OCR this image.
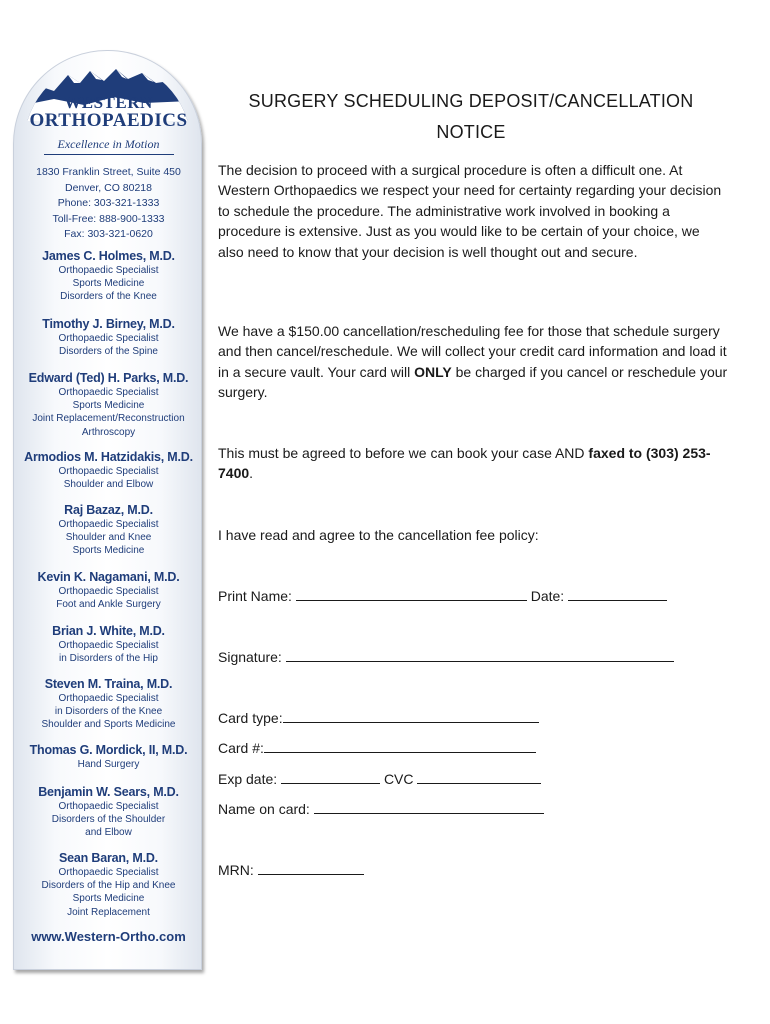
WESTERN
ORTHOPAEDICS
Excellence in Motion
1830 Franklin Street, Suite 450
Denver, CO 80218
Phone: 303-321-1333
Toll-Free: 888-900-1333
Fax: 303-321-0620
James C. Holmes, M.D.
Orthopaedic Specialist
Sports Medicine
Disorders of the Knee
Timothy J. Birney, M.D.
Orthopaedic Specialist
Disorders of the Spine
Edward (Ted) H. Parks, M.D.
Orthopaedic Specialist
Sports Medicine
Joint Replacement/Reconstruction
Arthroscopy
Armodios M. Hatzidakis, M.D.
Orthopaedic Specialist
Shoulder and Elbow
Raj Bazaz, M.D.
Orthopaedic Specialist
Shoulder and Knee
Sports Medicine
Kevin K. Nagamani, M.D.
Orthopaedic Specialist
Foot and Ankle Surgery
Brian J. White, M.D.
Orthopaedic Specialist
in Disorders of the Hip
Steven M. Traina, M.D.
Orthopaedic Specialist
in Disorders of the Knee
Shoulder and Sports Medicine
Thomas G. Mordick, II, M.D.
Hand Surgery
Benjamin W. Sears, M.D.
Orthopaedic Specialist
Disorders of the Shoulder
and Elbow
Sean Baran, M.D.
Orthopaedic Specialist
Disorders of the Hip and Knee
Sports Medicine
Joint Replacement
www.Western-Ortho.com
SURGERY SCHEDULING DEPOSIT/CANCELLATION
NOTICE
The decision to proceed with a surgical procedure is often a difficult one. At Western Orthopaedics we respect your need for certainty regarding your decision to schedule the procedure. The administrative work involved in booking a procedure is extensive. Just as you would like to be certain of your choice, we also need to know that your decision is well thought out and secure.
We have a $150.00 cancellation/rescheduling fee for those that schedule surgery and then cancel/reschedule. We will collect your credit card information and load it in a secure vault. Your card will ONLY be charged if you cancel or reschedule your surgery.
This must be agreed to before we can book your case AND faxed to (303) 253-7400.
I have read and agree to the cancellation fee policy:
Print Name:	Date:
Signature:
Card type:
Card #:
Exp date:	CVC
Name on card:
MRN:
